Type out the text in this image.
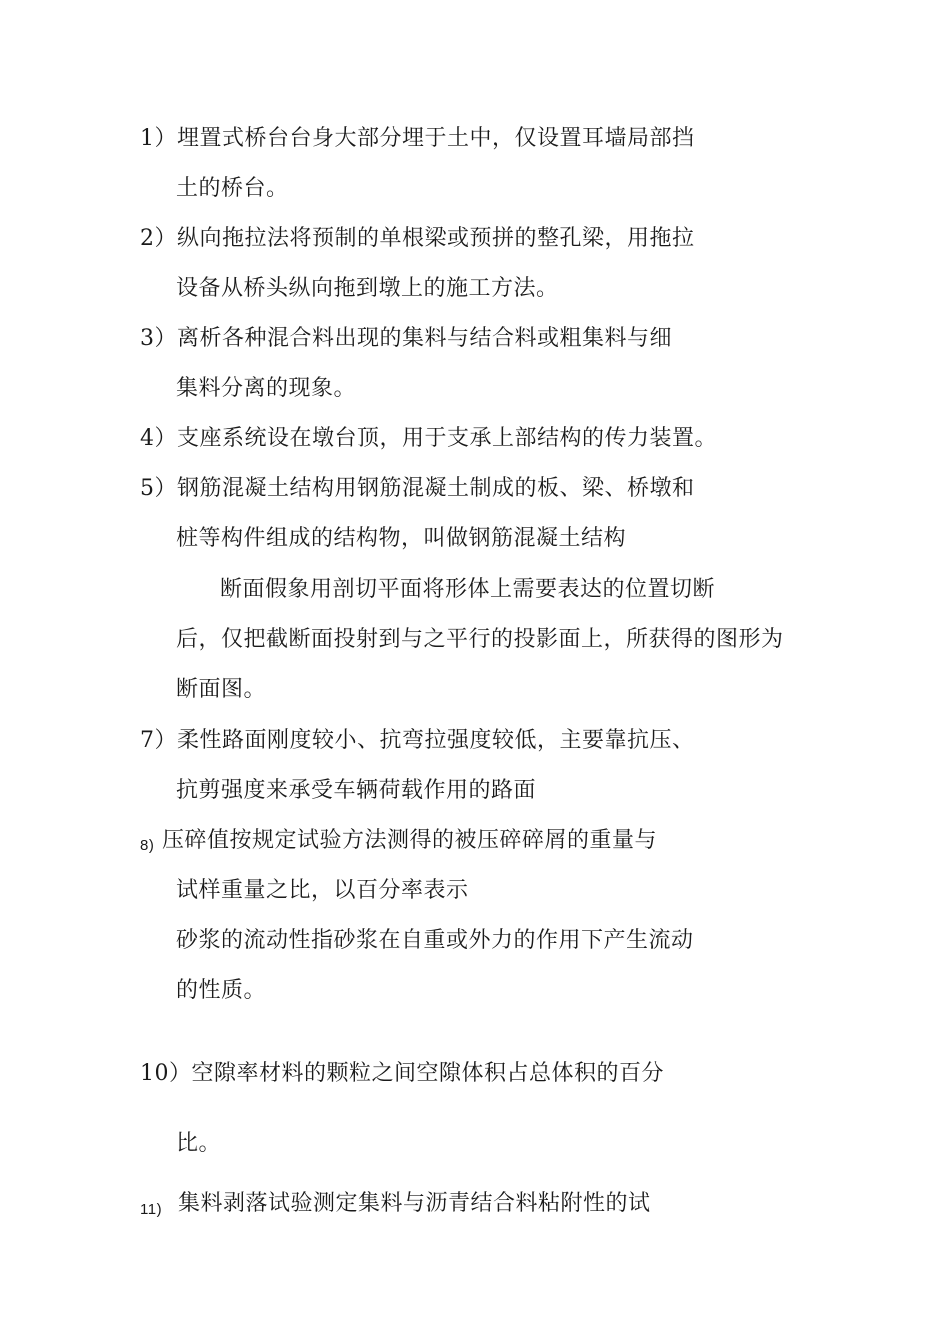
1）埋置式桥台台身大部分埋于土中，仅设置耳墙局部挡
土的桥台。
2）纵向拖拉法将预制的单根梁或预拼的整孔梁，用拖拉
设备从桥头纵向拖到墩上的施工方法。
3）离析各种混合料出现的集料与结合料或粗集料与细
集料分离的现象。
4）支座系统设在墩台顶，用于支承上部结构的传力装置。
5）钢筋混凝土结构用钢筋混凝土制成的板、梁、桥墩和
桩等构件组成的结构物，叫做钢筋混凝土结构
断面假象用剖切平面将形体上需要表达的位置切断
后，仅把截断面投射到与之平行的投影面上，所获得的图形为
断面图。
7）柔性路面刚度较小、抗弯拉强度较低，主要靠抗压、
抗剪强度来承受车辆荷载作用的路面
8) 压碎值按规定试验方法测得的被压碎碎屑的重量与
试样重量之比，以百分率表示
砂浆的流动性指砂浆在自重或外力的作用下产生流动
的性质。
10）空隙率材料的颗粒之间空隙体积占总体积的百分
比。
11) 集料剥落试验测定集料与沥青结合料粘附性的试
